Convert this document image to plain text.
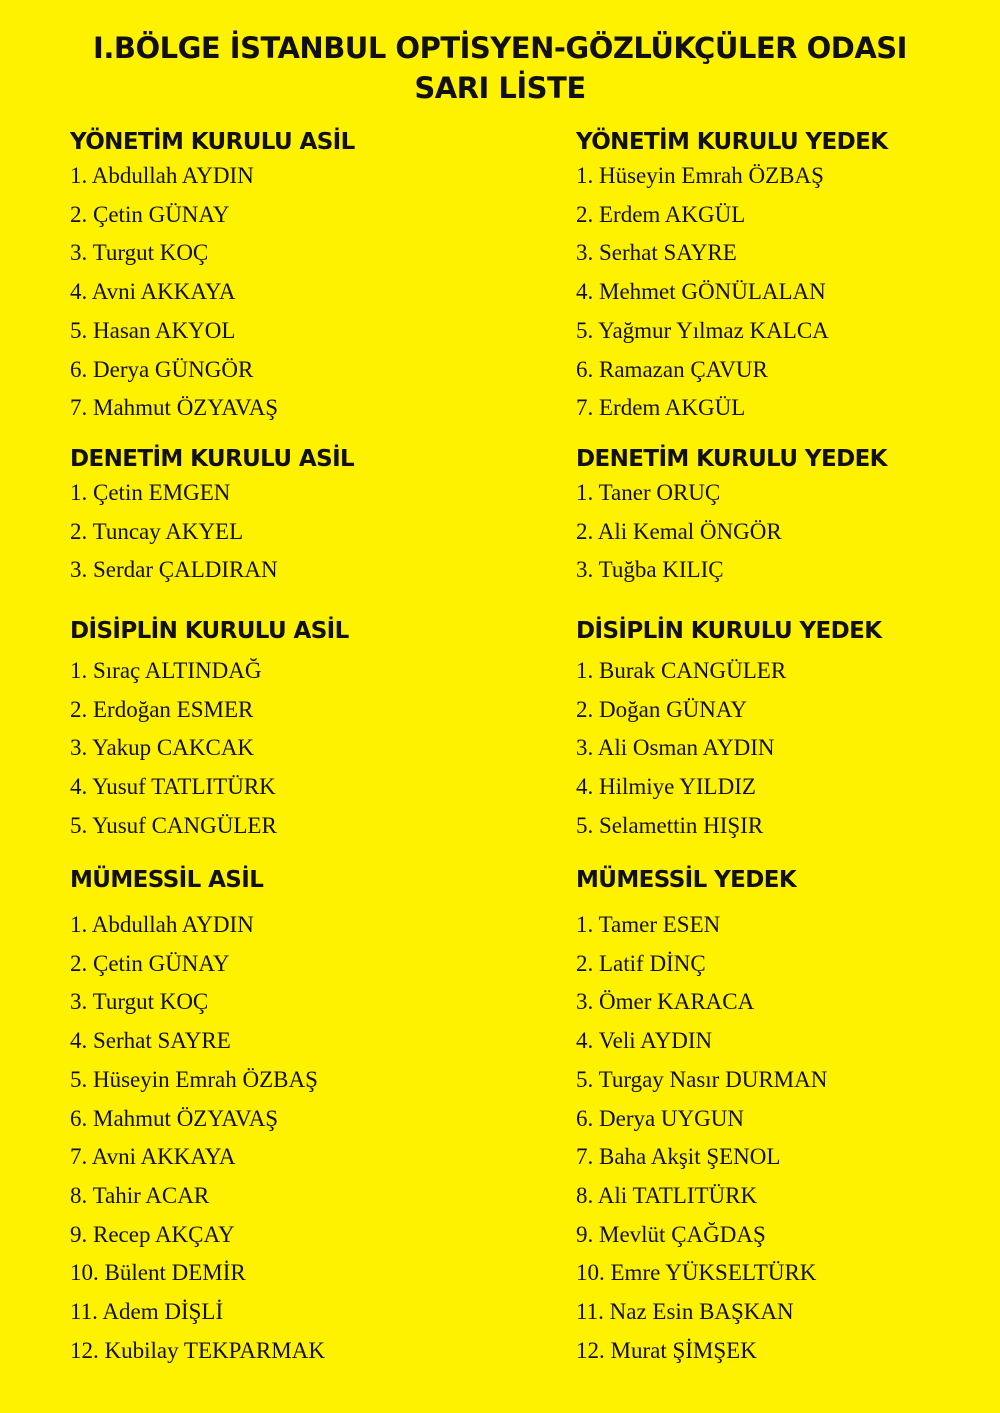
I.BÖLGE İSTANBUL OPTİSYEN-GÖZLÜKÇÜLER ODASI
SARI LİSTE
YÖNETİM KURULU ASİL
1. Abdullah AYDIN
2. Çetin GÜNAY
3. Turgut KOÇ
4. Avni AKKAYA
5. Hasan AKYOL
6. Derya GÜNGÖR
7. Mahmut ÖZYAVAŞ
YÖNETİM KURULU YEDEK
1. Hüseyin Emrah ÖZBAŞ
2. Erdem AKGÜL
3. Serhat SAYRE
4. Mehmet GÖNÜLALAN
5. Yağmur Yılmaz KALCA
6. Ramazan ÇAVUR
7. Erdem AKGÜL
DENETİM KURULU ASİL
1. Çetin EMGEN
2. Tuncay AKYEL
3. Serdar ÇALDIRAN
DENETİM KURULU YEDEK
1. Taner ORUÇ
2. Ali Kemal ÖNGÖR
3. Tuğba KILIÇ
DİSİPLİN KURULU ASİL
1. Sıraç ALTINDAĞ
2. Erdoğan ESMER
3. Yakup CAKCAK
4. Yusuf TATLITÜRK
5. Yusuf CANGÜLER
DİSİPLİN KURULU YEDEK
1. Burak CANGÜLER
2. Doğan GÜNAY
3. Ali Osman AYDIN
4. Hilmiye YILDIZ
5. Selamettin HIŞIR
MÜMESSİL ASİL
1. Abdullah AYDIN
2. Çetin GÜNAY
3. Turgut KOÇ
4. Serhat SAYRE
5. Hüseyin Emrah ÖZBAŞ
6. Mahmut ÖZYAVAŞ
7. Avni AKKAYA
8. Tahir ACAR
9. Recep AKÇAY
10. Bülent DEMİR
11. Adem DİŞLİ
12. Kubilay TEKPARMAK
MÜMESSİL YEDEK
1. Tamer ESEN
2. Latif DİNÇ
3. Ömer KARACA
4. Veli AYDIN
5. Turgay Nasır DURMAN
6. Derya UYGUN
7. Baha Akşit ŞENOL
8. Ali TATLITÜRK
9. Mevlüt ÇAĞDAŞ
10. Emre YÜKSELTÜRK
11. Naz Esin BAŞKAN
12. Murat ŞİMŞEK
